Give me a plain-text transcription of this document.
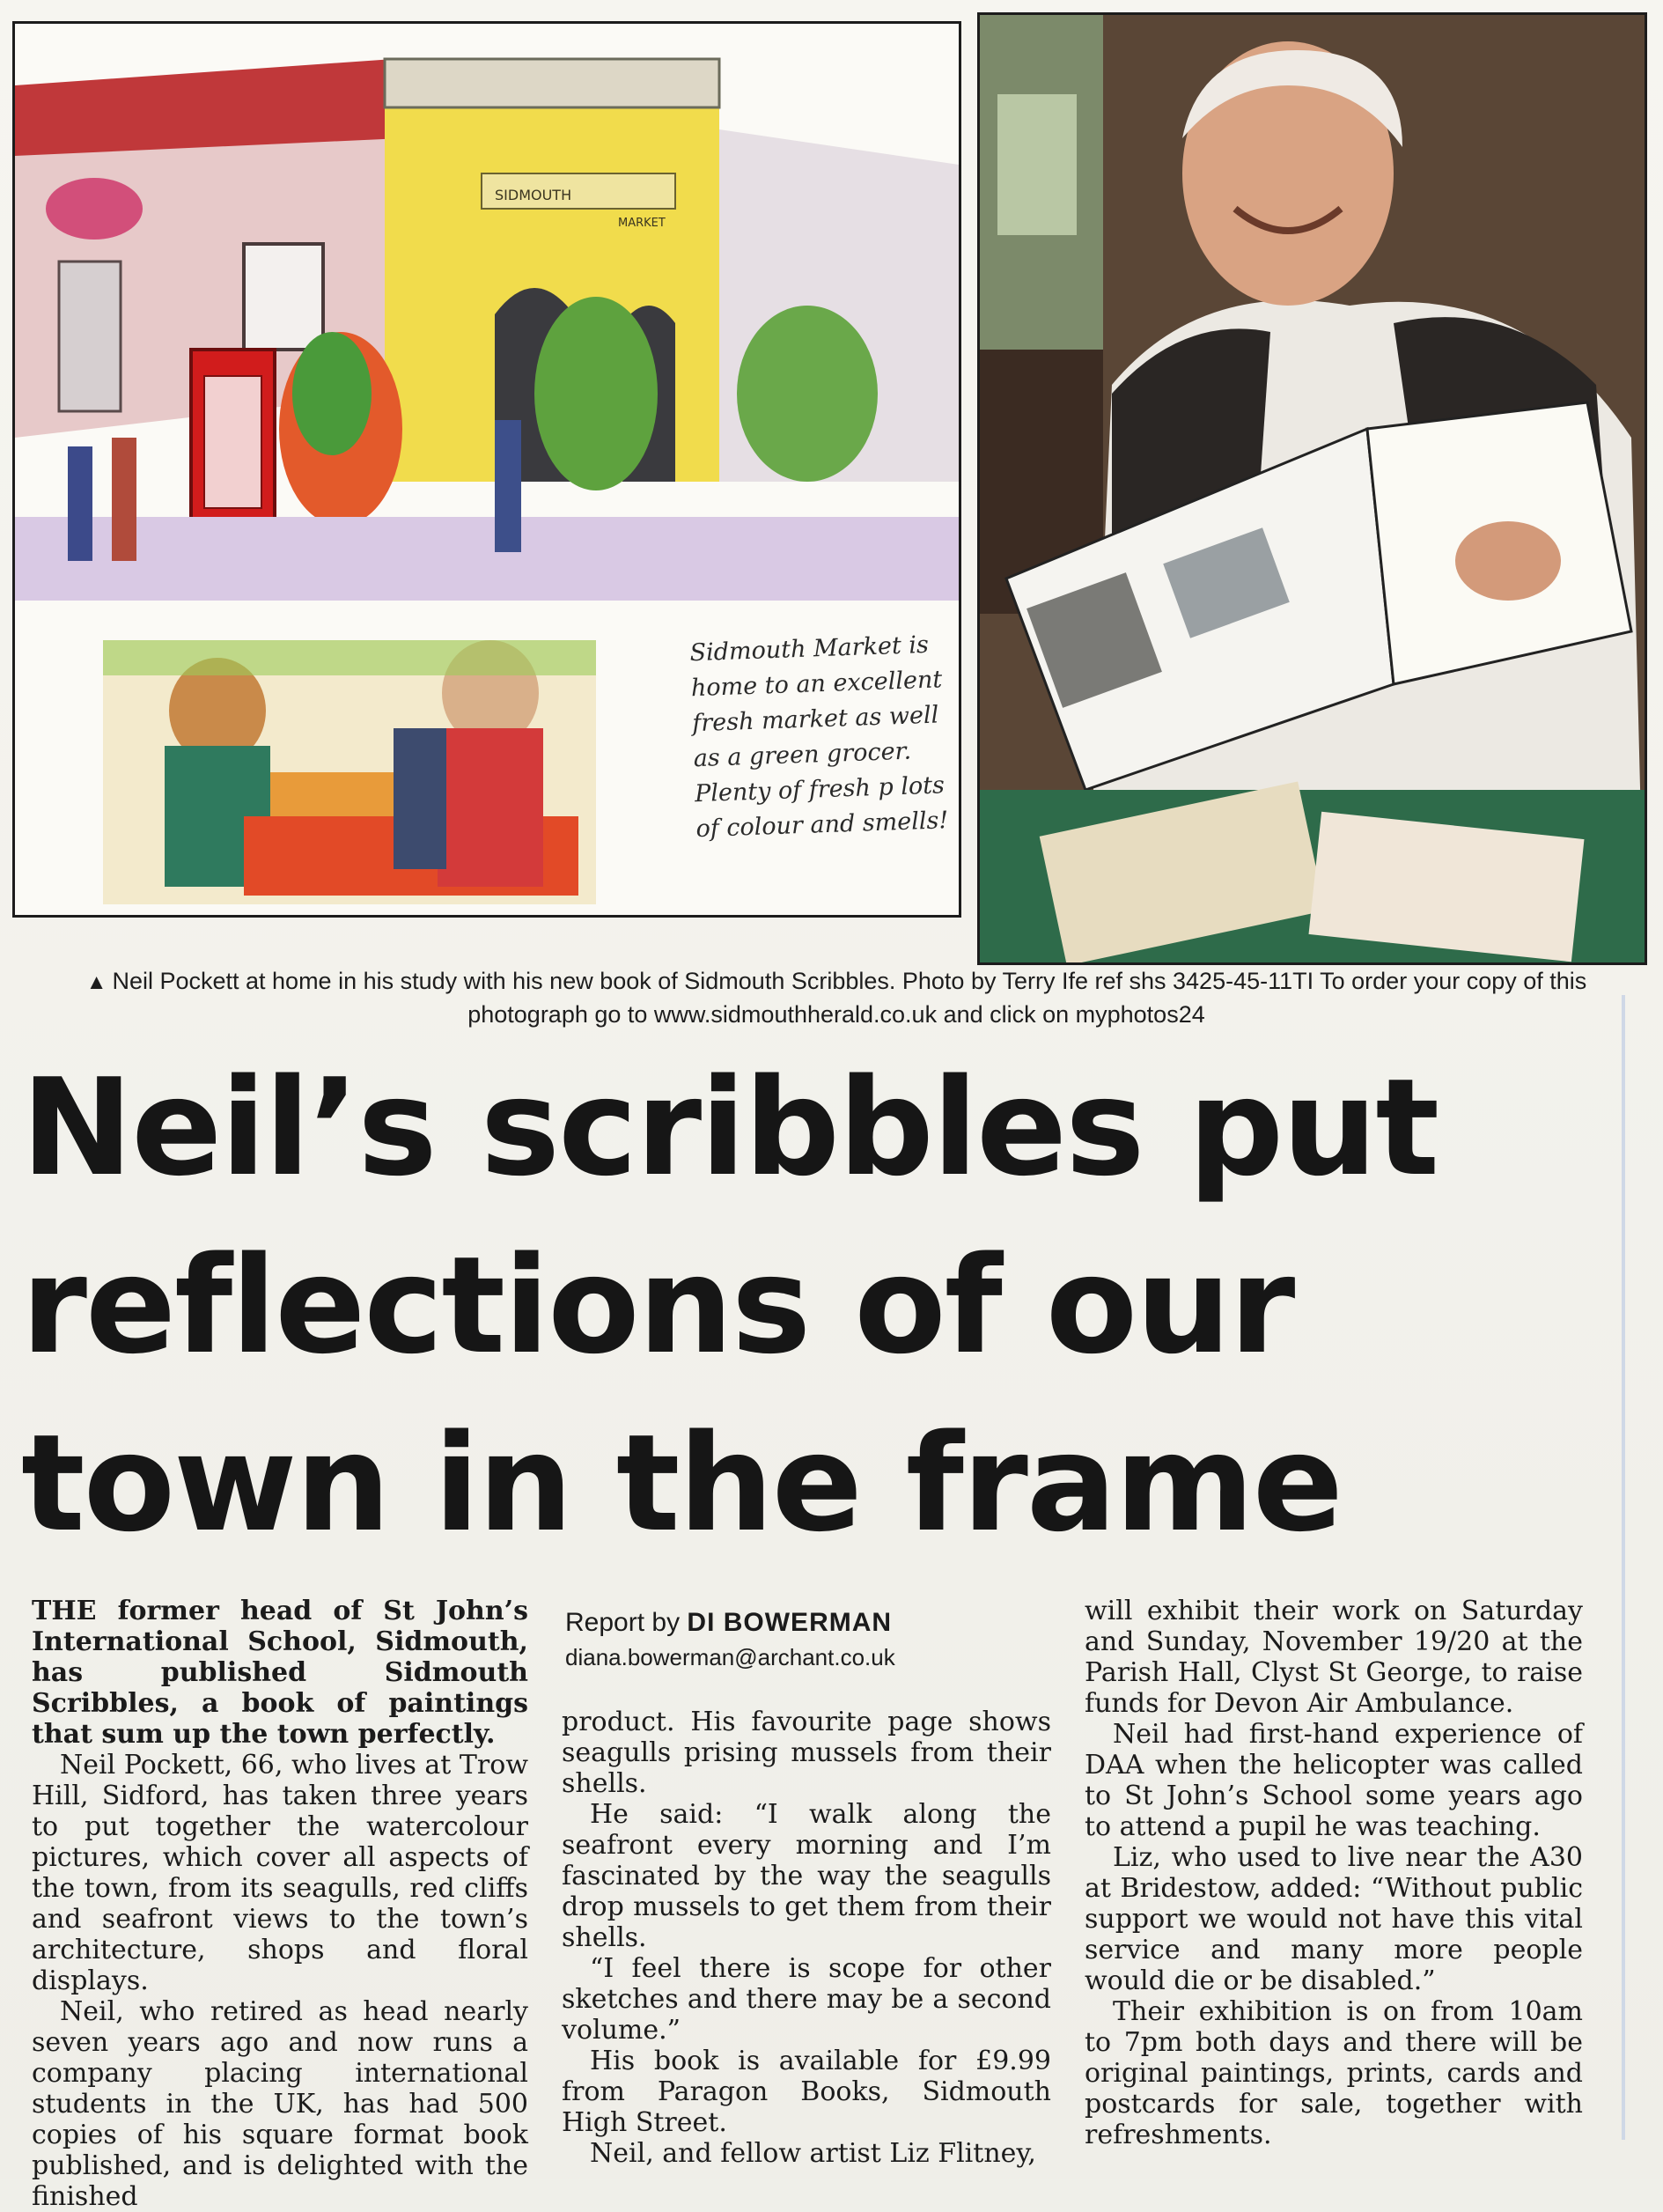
SIDMOUTH
MARKET
Sidmouth Market is home to an excellent fresh market as well as a green grocer. Plenty of fresh p lots of colour and smells!
▲ Neil Pockett at home in his study with his new book of Sidmouth Scribbles. Photo by Terry Ife ref shs 3425-45-11TI To order your copy of this photograph go to www.sidmouthherald.co.uk and click on myphotos24
Neil’s scribbles put
reflections of our
town in the frame

THE former head of St John’s International School, Sidmouth, has published Sidmouth Scribbles, a book of paintings that sum up the town perfectly.

Neil Pockett, 66, who lives at Trow Hill, Sidford, has taken three years to put together the watercolour pictures, which cover all aspects of the town, from its seagulls, red cliffs and seafront views to the town’s architecture, shops and floral displays.

Neil, who retired as head nearly seven years ago and now runs a company placing international students in the UK, has had 500 copies of his square format book published, and is delighted with the finished

Report by DI BOWERMAN
diana.bowerman@archant.co.uk

product. His favourite page shows seagulls prising mussels from their shells.

He said: “I walk along the seafront every morning and I’m fascinated by the way the seagulls drop mussels to get them from their shells.

“I feel there is scope for other sketches and there may be a second volume.”

His book is available for £9.99 from Paragon Books, Sidmouth High Street.

Neil, and fellow artist Liz Flitney,

will exhibit their work on Saturday and Sunday, November 19/20 at the Parish Hall, Clyst St George, to raise funds for Devon Air Ambulance.

Neil had first-hand experience of DAA when the helicopter was called to St John’s School some years ago to attend a pupil he was teaching.

Liz, who used to live near the A30 at Bridestow, added: “Without public support we would not have this vital service and many more people would die or be disabled.”

Their exhibition is on from 10am to 7pm both days and there will be original paintings, prints, cards and postcards for sale, together with refreshments.
